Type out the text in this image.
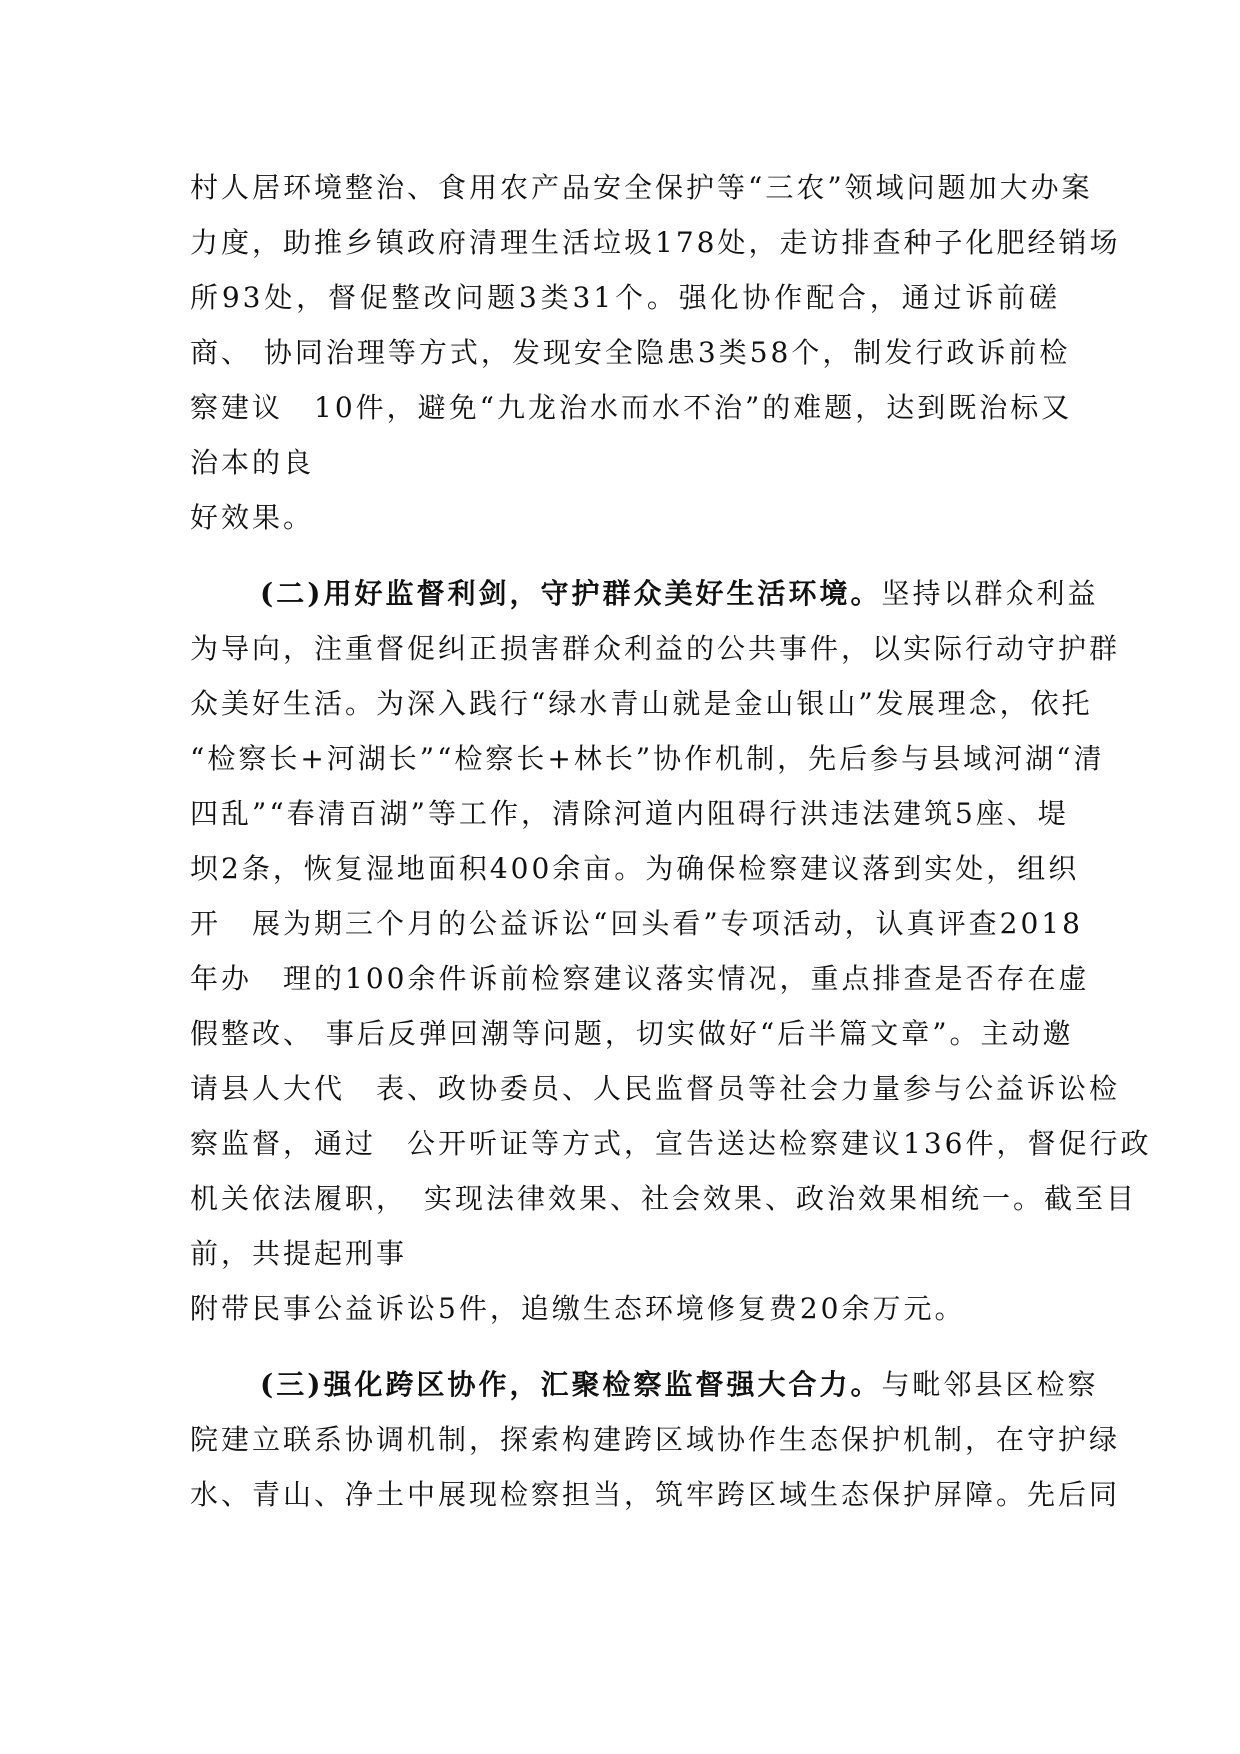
村人居环境整治、食用农产品安全保护等“三农”领域问题加大办案
力度，助推乡镇政府清理生活垃圾178处，走访排查种子化肥经销场
所93处，督促整改问题3类31个。强化协作配合，通过诉前磋
商、 协同治理等方式，发现安全隐患3类58个，制发行政诉前检
察建议　10件，避免“九龙治水而水不治”的难题，达到既治标又
治本的良
好效果。
(二)用好监督利剑，守护群众美好生活环境。坚持以群众利益
为导向，注重督促纠正损害群众利益的公共事件，以实际行动守护群
众美好生活。为深入践行“绿水青山就是金山银山”发展理念，依托
“检察长+河湖长”“检察长+林长”协作机制，先后参与县域河湖“清
四乱”“春清百湖”等工作，清除河道内阻碍行洪违法建筑5座、堤
坝2条，恢复湿地面积400余亩。为确保检察建议落到实处，组织
开　展为期三个月的公益诉讼“回头看”专项活动，认真评查2018
年办　理的100余件诉前检察建议落实情况，重点排查是否存在虚
假整改、 事后反弹回潮等问题，切实做好“后半篇文章”。主动邀
请县人大代　表、政协委员、人民监督员等社会力量参与公益诉讼检
察监督，通过　公开听证等方式，宣告送达检察建议136件，督促行政
机关依法履职，　实现法律效果、社会效果、政治效果相统一。截至目
前，共提起刑事
附带民事公益诉讼5件，追缴生态环境修复费20余万元。
(三)强化跨区协作，汇聚检察监督强大合力。与毗邻县区检察
院建立联系协调机制，探索构建跨区域协作生态保护机制，在守护绿
水、青山、净土中展现检察担当，筑牢跨区域生态保护屏障。先后同
